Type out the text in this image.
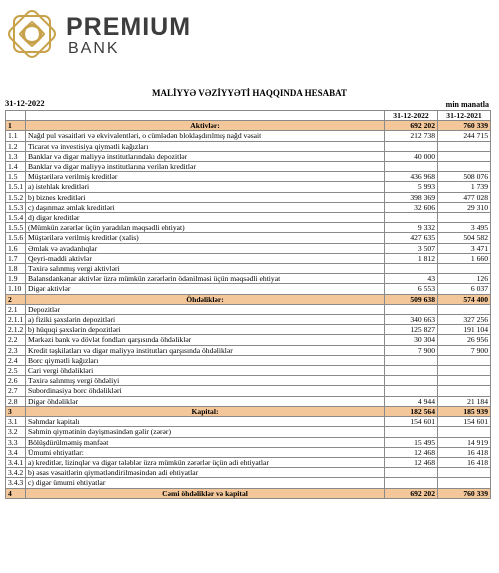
PREMIUM
BANK
MALİYYƏ VƏZİYYƏTİ HAQQINDA HESABAT
31-12-2022	min manatla
		31-12-2022	31-12-2021
1	Aktivlər:	692 202	760 339
1.1	Nağd pul vəsaitləri və ekvivalentləri, o cümlədən bloklaşdırılmış nağd vəsait	212 738	244 715
1.2	Ticarət və investisiya qiymətli kağızları		
1.3	Banklar və digər maliyyə institutlarındakı depozitlər	40 000	
1.4	Banklar və digər maliyyə institutlarına verilən kreditlər		
1.5	Müştərilərə verilmiş kreditlər	436 968	508 076
1.5.1	a) istehlak kreditləri	5 993	1 739
1.5.2	b) biznes kreditləri	398 369	477 028
1.5.3	c) daşınmaz əmlak kreditləri	32 606	29 310
1.5.4	d) digər kreditlər		
1.5.5	(Mümkün zərərlər üçün yaradılan məqsədli ehtiyat)	9 332	3 495
1.5.6	Müştərilərə verilmiş kreditlər (xalis)	427 635	504 582
1.6	Əmlak və avadanlıqlar	3 507	3 471
1.7	Qeyri-maddi aktivlər	1 812	1 660
1.8	Təxirə salınmış vergi aktivləri		
1.9	Balansdankənar aktivlər üzrə mümkün zərərlərin ödənilməsi üçün məqsədli ehtiyat	43	126
1.10	Digər aktivlər	6 553	6 037
2	Öhdəliklər:	509 638	574 400
2.1	Depozitlər		
2.1.1	a) fiziki şəxslərin depozitləri	340 663	327 256
2.1.2	b) hüquqi şəxslərin depozitləri	125 827	191 104
2.2	Mərkəzi bank və dövlət fondları qarşısında öhdəliklər	30 304	26 956
2.3	Kredit təşkilatları və digər maliyyə institutları qarşısında öhdəliklər	7 900	7 900
2.4	Borc qiymətli kağızları		
2.5	Cari vergi öhdəlikləri		
2.6	Təxirə salınmış vergi öhdəliyi		
2.7	Subordinasiya borc öhdəlikləri		
2.8	Digər öhdəliklər	4 944	21 184
3	Kapital:	182 564	185 939
3.1	Səhmdar kapitalı	154 601	154 601
3.2	Səhmin qiymətinin dəyişməsindən gəlir (zərər)		
3.3	Bölüşdürülməmiş mənfəət	15 495	14 919
3.4	Ümumi ehtiyatlar:	12 468	16 418
3.4.1	a) kreditlər, lizinqlər və digər tələblər üzrə mümkün zərərlər üçün adi ehtiyatlar	12 468	16 418
3.4.2	b) əsas vəsaitlərin qiymətləndirilməsindən adi ehtiyatlar		
3.4.3	c) digər ümumi ehtiyatlar		
4	Cəmi öhdəliklər və kapital	692 202	760 339
